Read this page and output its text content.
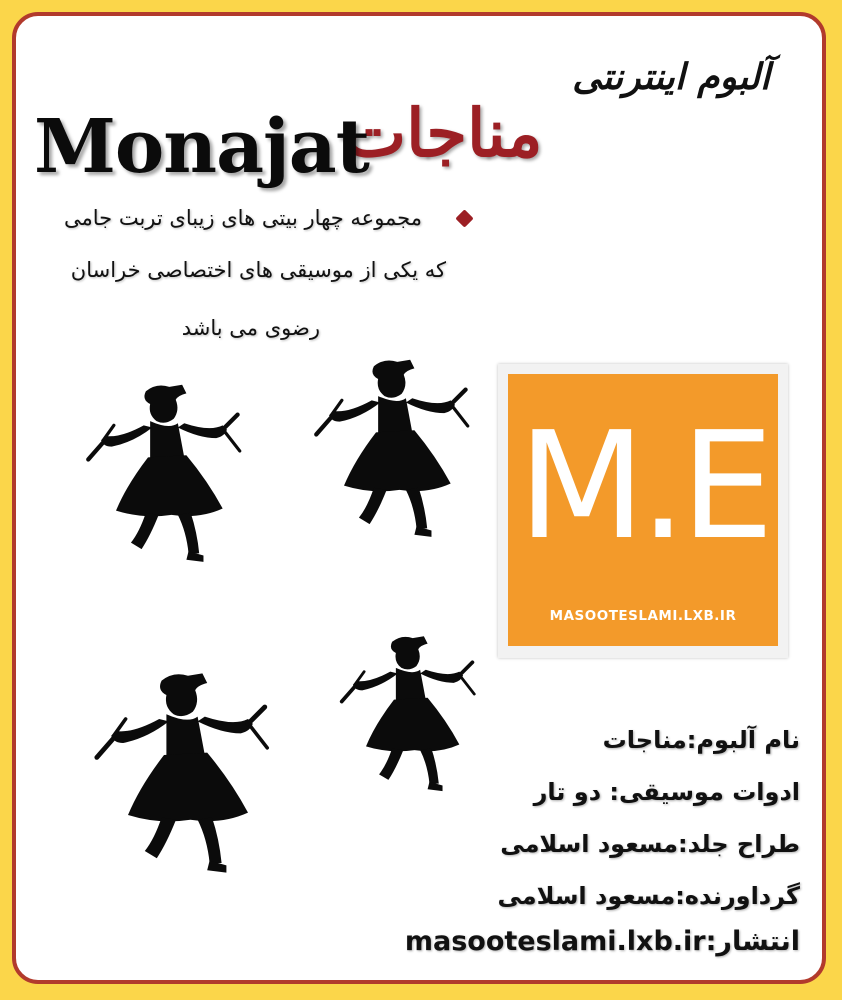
آلبوم اینترنتی
مناجات
Monajat
مجموعه چهار بیتی های زیبای تربت جامی
که یکی از موسیقی های اختصاصی خراسان
رضوی می باشد
M.E
MASOOTESLAMI.LXB.IR
نام آلبوم:مناجات
ادوات موسیقی: دو تار
طراح جلد:مسعود اسلامی
گرداورنده:مسعود اسلامی
انتشار:masooteslami.lxb.ir
